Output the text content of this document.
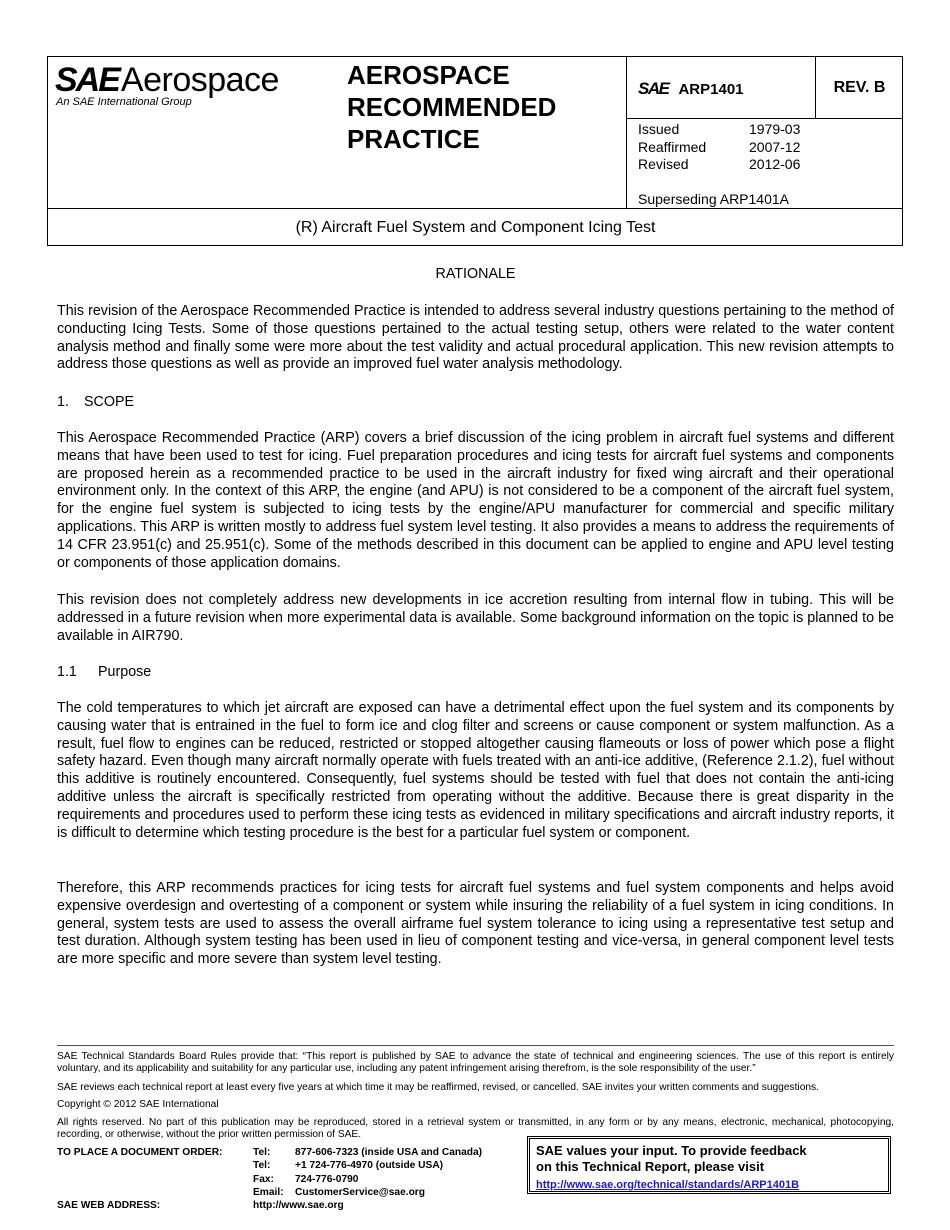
SAE Aerospace
An SAE International Group
AEROSPACE
RECOMMENDED
PRACTICE
SAE ARP1401	REV. B
Issued	1979-03
Reaffirmed	2007-12
Revised	2012-06
Superseding ARP1401A
(R) Aircraft Fuel System and Component Icing Test
RATIONALE
This revision of the Aerospace Recommended Practice is intended to address several industry questions pertaining to the method of conducting Icing Tests. Some of those questions pertained to the actual testing setup, others were related to the water content analysis method and finally some were more about the test validity and actual procedural application. This new revision attempts to address those questions as well as provide an improved fuel water analysis methodology.
1. SCOPE
This Aerospace Recommended Practice (ARP) covers a brief discussion of the icing problem in aircraft fuel systems and different means that have been used to test for icing. Fuel preparation procedures and icing tests for aircraft fuel systems and components are proposed herein as a recommended practice to be used in the aircraft industry for fixed wing aircraft and their operational environment only. In the context of this ARP, the engine (and APU) is not considered to be a component of the aircraft fuel system, for the engine fuel system is subjected to icing tests by the engine/APU manufacturer for commercial and specific military applications. This ARP is written mostly to address fuel system level testing. It also provides a means to address the requirements of 14 CFR 23.951(c) and 25.951(c). Some of the methods described in this document can be applied to engine and APU level testing or components of those application domains.
This revision does not completely address new developments in ice accretion resulting from internal flow in tubing. This will be addressed in a future revision when more experimental data is available. Some background information on the topic is planned to be available in AIR790.
1.1 Purpose
The cold temperatures to which jet aircraft are exposed can have a detrimental effect upon the fuel system and its components by causing water that is entrained in the fuel to form ice and clog filter and screens or cause component or system malfunction. As a result, fuel flow to engines can be reduced, restricted or stopped altogether causing flameouts or loss of power which pose a flight safety hazard. Even though many aircraft normally operate with fuels treated with an anti-ice additive, (Reference 2.1.2), fuel without this additive is routinely encountered. Consequently, fuel systems should be tested with fuel that does not contain the anti-icing additive unless the aircraft is specifically restricted from operating without the additive. Because there is great disparity in the requirements and procedures used to perform these icing tests as evidenced in military specifications and aircraft industry reports, it is difficult to determine which testing procedure is the best for a particular fuel system or component.
Therefore, this ARP recommends practices for icing tests for aircraft fuel systems and fuel system components and helps avoid expensive overdesign and overtesting of a component or system while insuring the reliability of a fuel system in icing conditions. In general, system tests are used to assess the overall airframe fuel system tolerance to icing using a representative test setup and test duration. Although system testing has been used in lieu of component testing and vice-versa, in general component level tests are more specific and more severe than system level testing.
SAE Technical Standards Board Rules provide that: “This report is published by SAE to advance the state of technical and engineering sciences. The use of this report is entirely voluntary, and its applicability and suitability for any particular use, including any patent infringement arising therefrom, is the sole responsibility of the user.”
SAE reviews each technical report at least every five years at which time it may be reaffirmed, revised, or cancelled. SAE invites your written comments and suggestions.
Copyright © 2012 SAE International
All rights reserved. No part of this publication may be reproduced, stored in a retrieval system or transmitted, in any form or by any means, electronic, mechanical, photocopying, recording, or otherwise, without the prior written permission of SAE.
TO PLACE A DOCUMENT ORDER:
SAE WEB ADDRESS:
Tel:	877-606-7323 (inside USA and Canada)
Tel:	+1 724-776-4970 (outside USA)
Fax:	724-776-0790
Email:	CustomerService@sae.org
http://www.sae.org
SAE values your input. To provide feedback
on this Technical Report, please visit
http://www.sae.org/technical/standards/ARP1401B
